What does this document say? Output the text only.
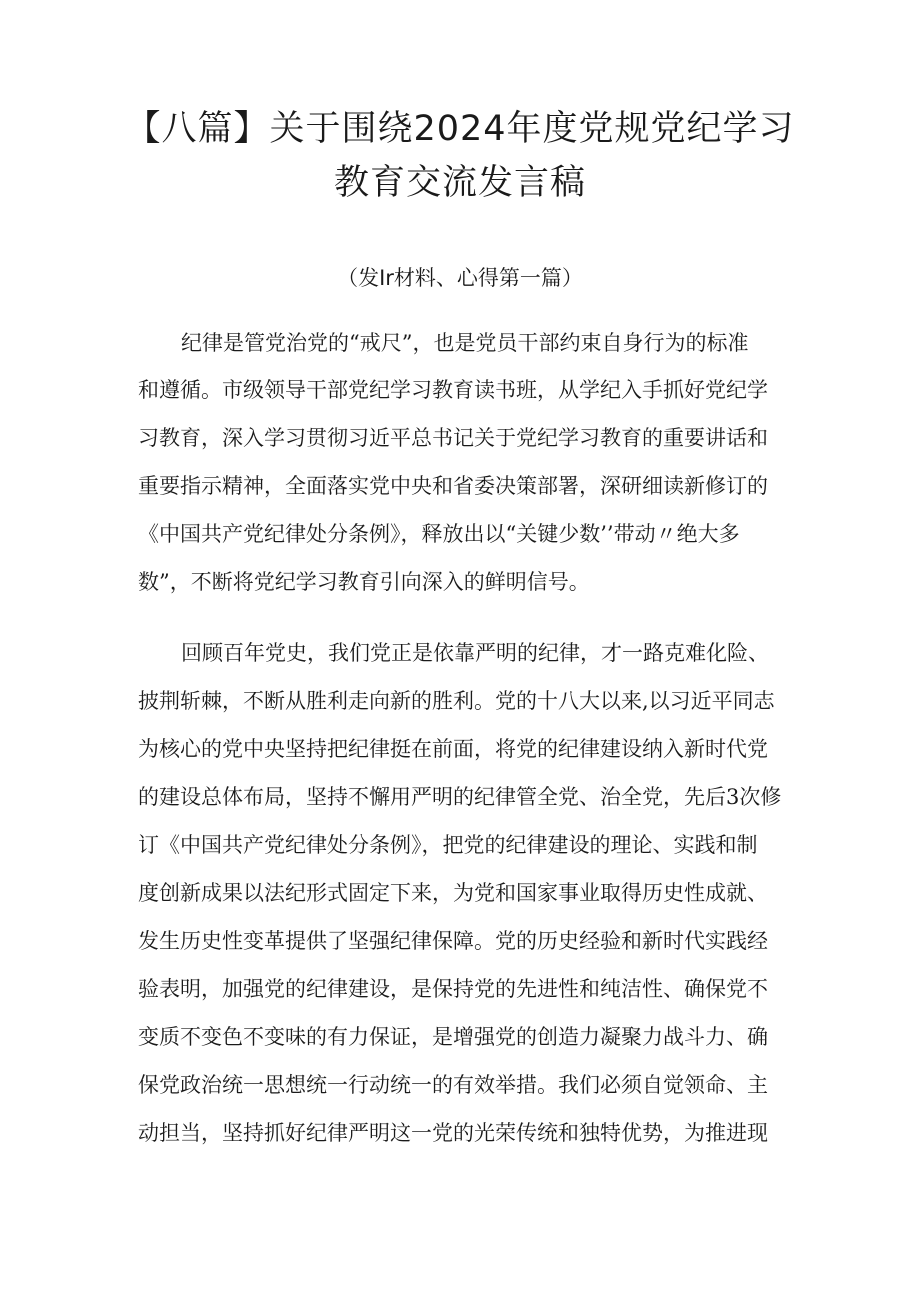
【八篇】关于围绕2024年度党规党纪学习
教育交流发言稿
（发Ir材料、心得第一篇）
纪律是管党治党的“戒尺”，也是党员干部约束自身行为的标准
和遵循。市级领导干部党纪学习教育读书班，从学纪入手抓好党纪学
习教育，深入学习贯彻习近平总书记关于党纪学习教育的重要讲话和
重要指示精神，全面落实党中央和省委决策部署，深研细读新修订的
《中国共产党纪律处分条例》，释放出以“关键少数’’带动〃绝大多
数”，不断将党纪学习教育引向深入的鲜明信号。
回顾百年党史，我们党正是依靠严明的纪律，才一路克难化险、
披荆斩棘，不断从胜利走向新的胜利。党的十八大以来,以习近平同志
为核心的党中央坚持把纪律挺在前面，将党的纪律建设纳入新时代党
的建设总体布局，坚持不懈用严明的纪律管全党、治全党，先后3次修
订《中国共产党纪律处分条例》，把党的纪律建设的理论、实践和制
度创新成果以法纪形式固定下来，为党和国家事业取得历史性成就、
发生历史性变革提供了坚强纪律保障。党的历史经验和新时代实践经
验表明，加强党的纪律建设，是保持党的先进性和纯洁性、确保党不
变质不变色不变味的有力保证，是增强党的创造力凝聚力战斗力、确
保党政治统一思想统一行动统一的有效举措。我们必须自觉领命、主
动担当，坚持抓好纪律严明这一党的光荣传统和独特优势，为推进现
